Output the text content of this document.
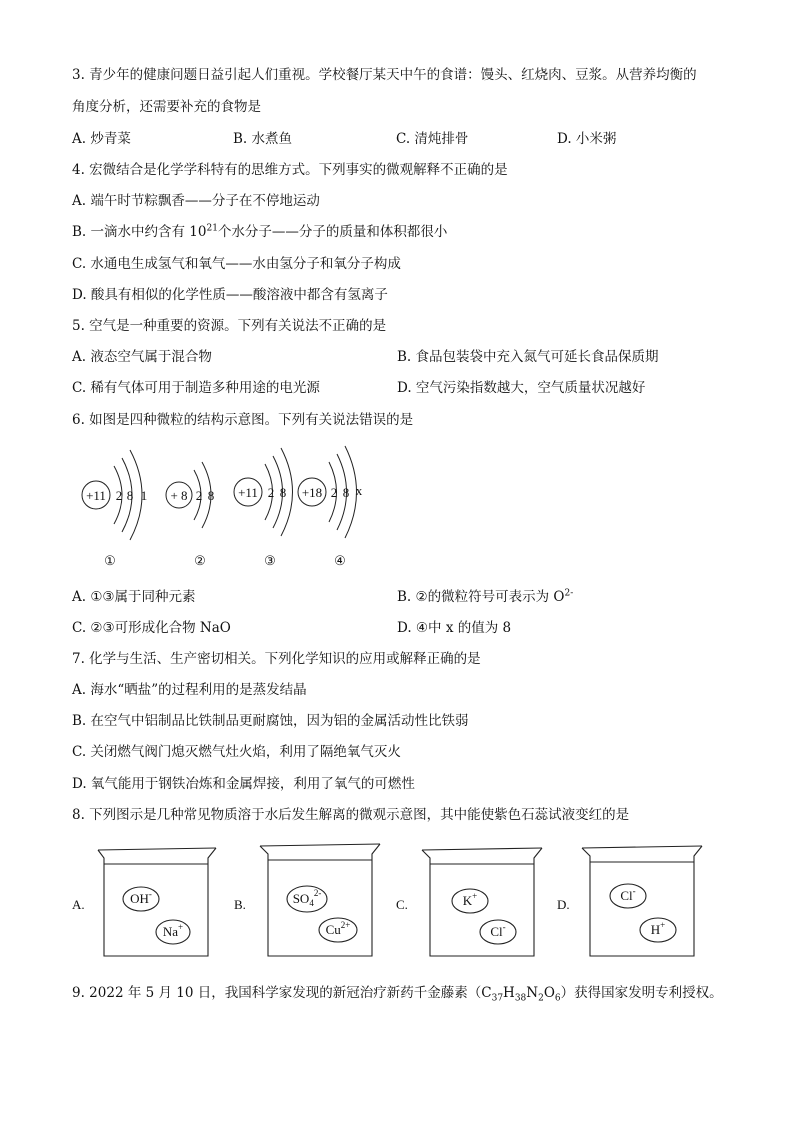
3. 青少年的健康问题日益引起人们重视。学校餐厅某天中午的食谱：馒头、红烧肉、豆浆。从营养均衡的
角度分析，还需要补充的食物是
A. 炒青菜	B. 水煮鱼	C. 清炖排骨	D. 小米粥
4. 宏微结合是化学学科特有的思维方式。下列事实的微观解释不正确的是
A. 端午时节粽飘香——分子在不停地运动
B. 一滴水中约含有 $10^{21}$个水分子——分子的质量和体积都很小
C. 水通电生成氢气和氧气——水由氢分子和氧分子构成
D. 酸具有相似的化学性质——酸溶液中都含有氢离子
5. 空气是一种重要的资源。下列有关说法不正确的是
A. 液态空气属于混合物	B. 食品包装袋中充入氮气可延长食品保质期
C. 稀有气体可用于制造多种用途的电光源	D. 空气污染指数越大，空气质量状况越好
6. 如图是四种微粒的结构示意图。下列有关说法错误的是
+11 2 8 1
①
+ 8 2 8
②
+11 2 8
③
+18 2 8 x
④
A. ①③属于同种元素	B. ②的微粒符号可表示为 $O^{2-}$
C. ②③可形成化合物 NaO	D. ④中 x 的值为 8
7. 化学与生活、生产密切相关。下列化学知识的应用或解释正确的是
A. 海水“晒盐”的过程利用的是蒸发结晶
B. 在空气中铝制品比铁制品更耐腐蚀，因为铝的金属活动性比铁弱
C. 关闭燃气阀门熄灭燃气灶火焰，利用了隔绝氧气灭火
D. 氧气能用于钢铁冶炼和金属焊接，利用了氧气的可燃性
8. 下列图示是几种常见物质溶于水后发生解离的微观示意图，其中能使紫色石蕊试液变红的是
A.	OH-
Na+
B.	$SO_4^{2-}$
$Cu^{2+}$
C.	K+
Cl-
D.
Cl-
H+
9. 2022 年 5 月 10 日，我国科学家发现的新冠治疗新药千金藤素$(C_{37}H_{38}N_2O_6)$获得国家发明专利授权。
